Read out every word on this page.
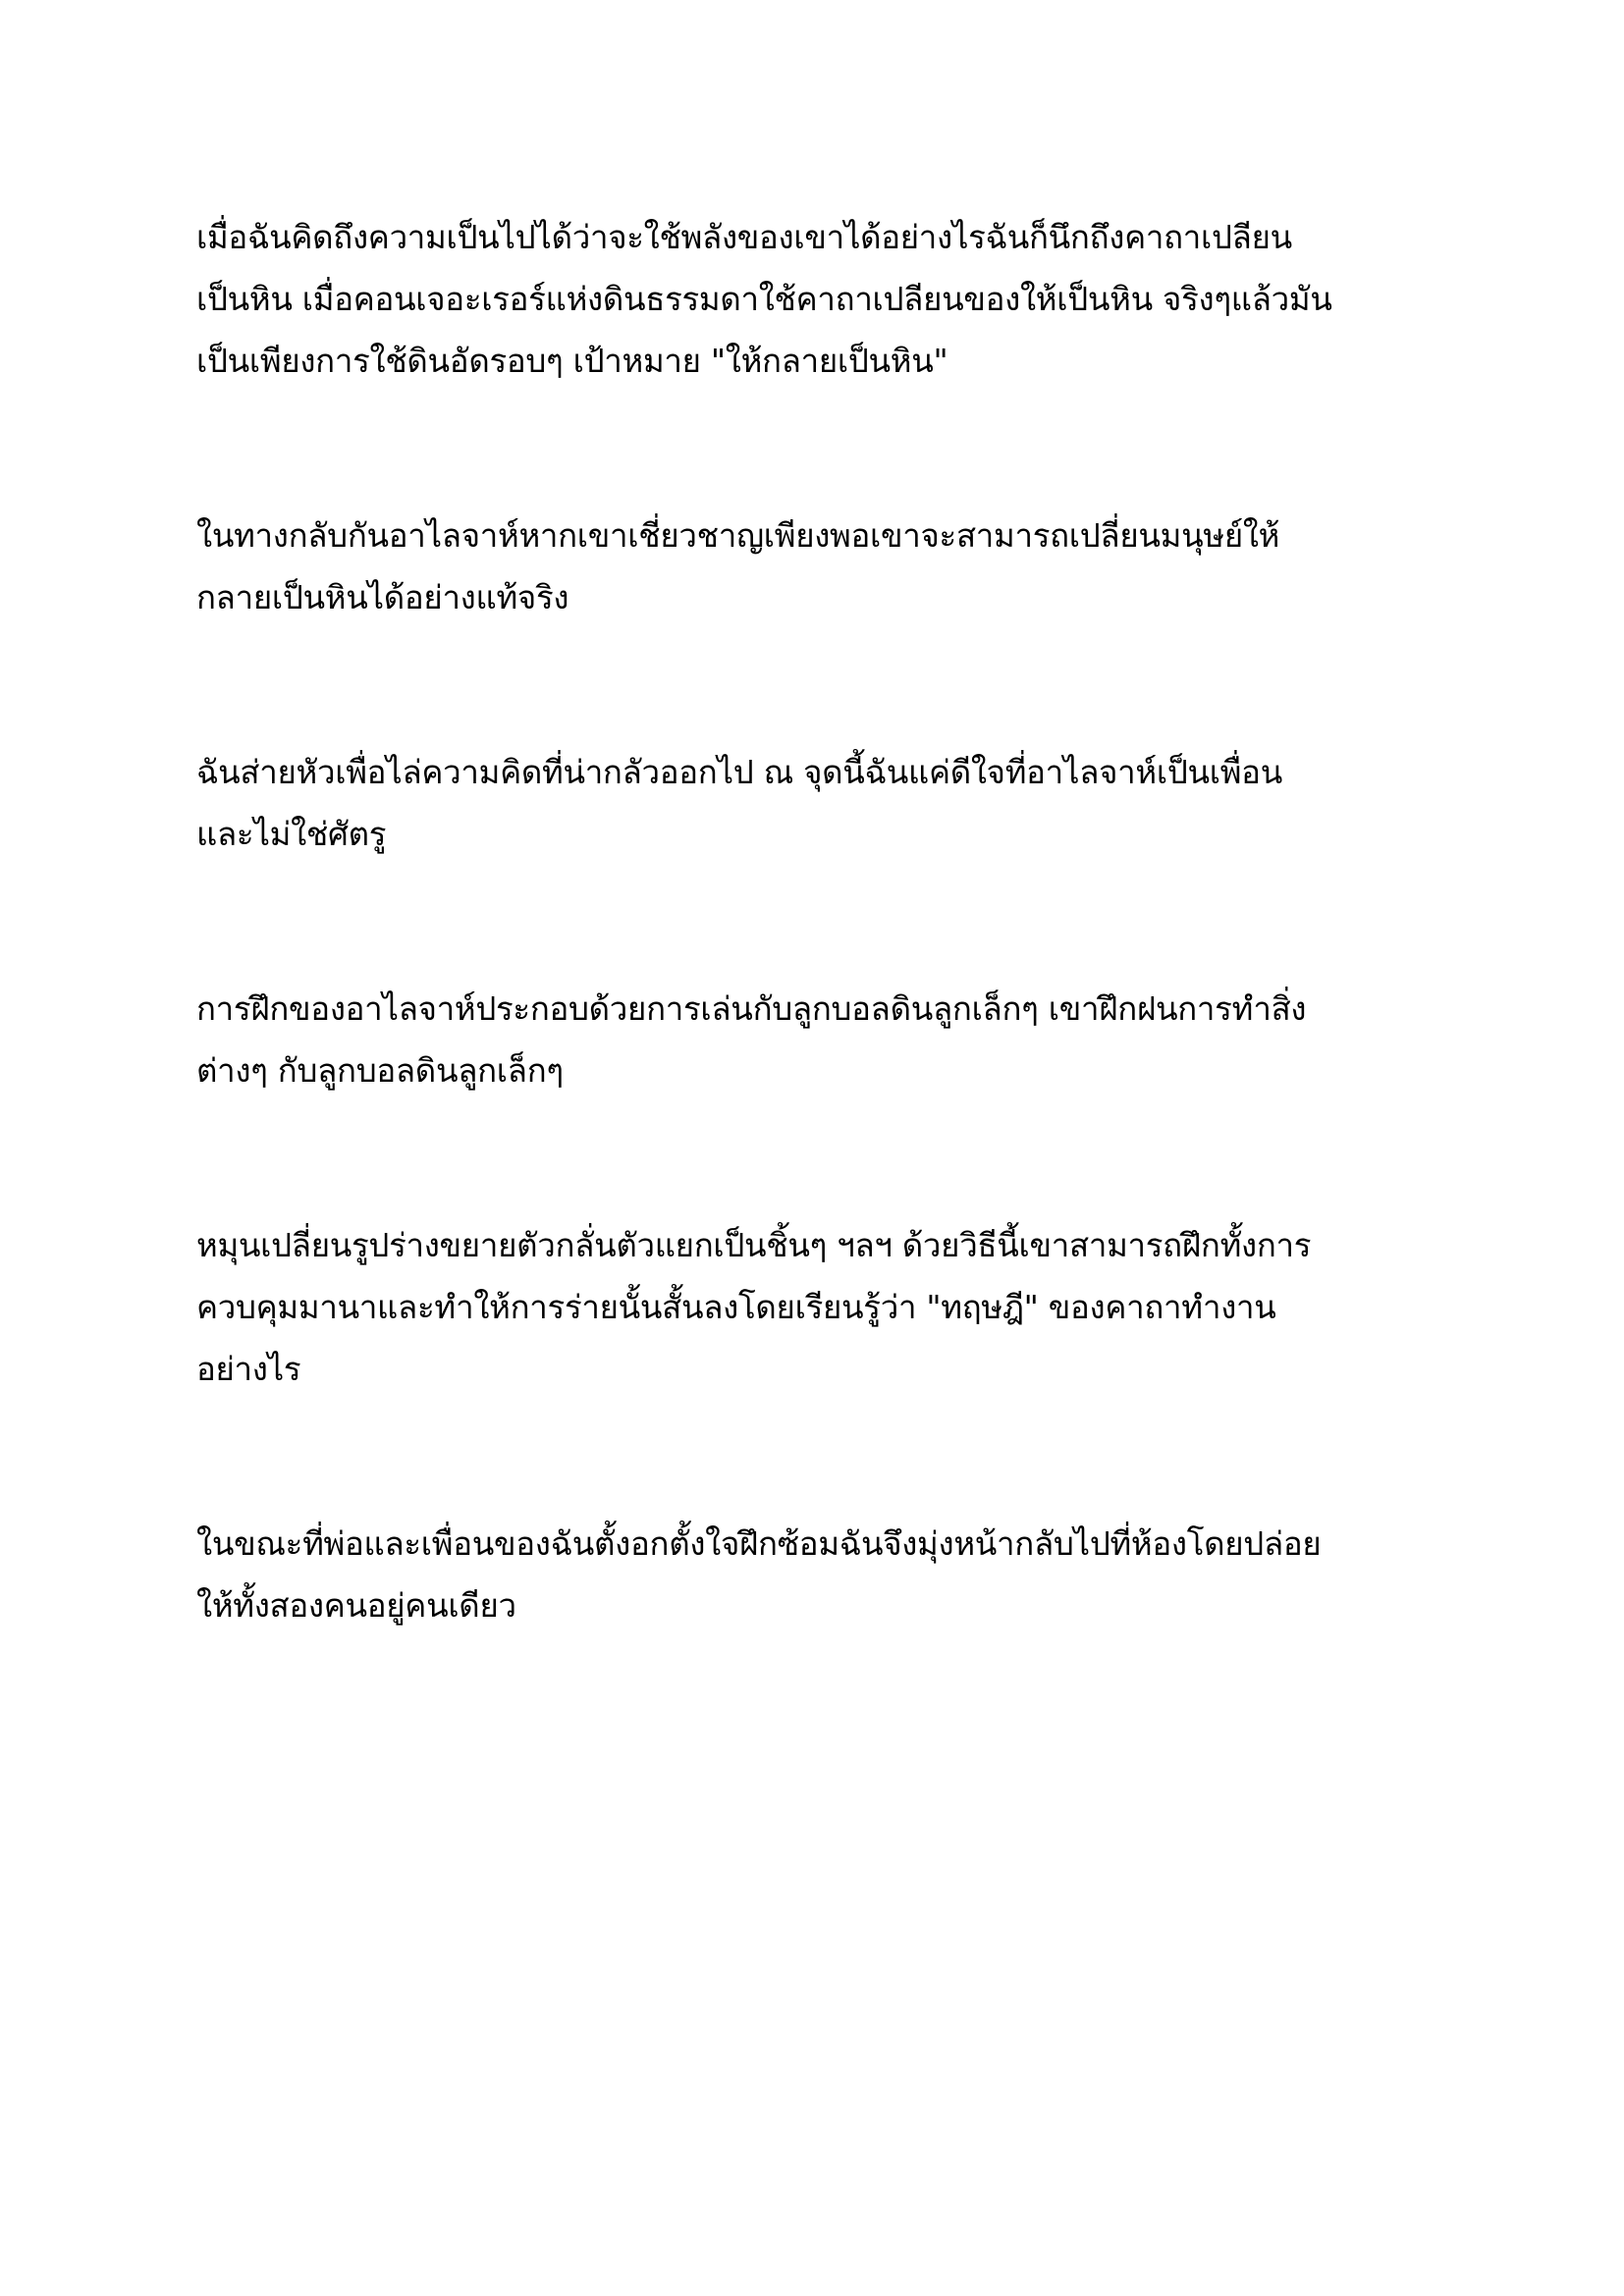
เมื่อฉันคิดถึงความเป็นไปได้ว่าจะใช้พลังของเขาได้อย่างไรฉันก็นึกถึงคาถาเปลียน
เป็นหิน เมื่อคอนเจอะเรอร์แห่งดินธรรมดาใช้คาถาเปลียนของให้เป็นหิน จริงๆแล้วมัน
เป็นเพียงการใช้ดินอัดรอบๆ เป้าหมาย "ให้กลายเป็นหิน"
ในทางกลับกันอาไลจาห์หากเขาเชี่ยวชาญเพียงพอเขาจะสามารถเปลี่ยนมนุษย์ให้
กลายเป็นหินได้อย่างแท้จริง
ฉันส่ายหัวเพื่อไล่ความคิดที่น่ากลัวออกไป ณ จุดนี้ฉันแค่ดีใจที่อาไลจาห์เป็นเพื่อน
และไม่ใช่ศัตรู
การฝึกของอาไลจาห์ประกอบด้วยการเล่นกับลูกบอลดินลูกเล็กๆ เขาฝึกฝนการทำสิ่ง
ต่างๆ กับลูกบอลดินลูกเล็กๆ
หมุนเปลี่ยนรูปร่างขยายตัวกลั่นตัวแยกเป็นชิ้นๆ ฯลฯ ด้วยวิธีนี้เขาสามารถฝึกทั้งการ
ควบคุมมานาและทำให้การร่ายนั้นสั้นลงโดยเรียนรู้ว่า "ทฤษฎี" ของคาถาทำงาน
อย่างไร
ในขณะที่พ่อและเพื่อนของฉันตั้งอกตั้งใจฝึกซ้อมฉันจึงมุ่งหน้ากลับไปที่ห้องโดยปล่อย
ให้ทั้งสองคนอยู่คนเดียว
